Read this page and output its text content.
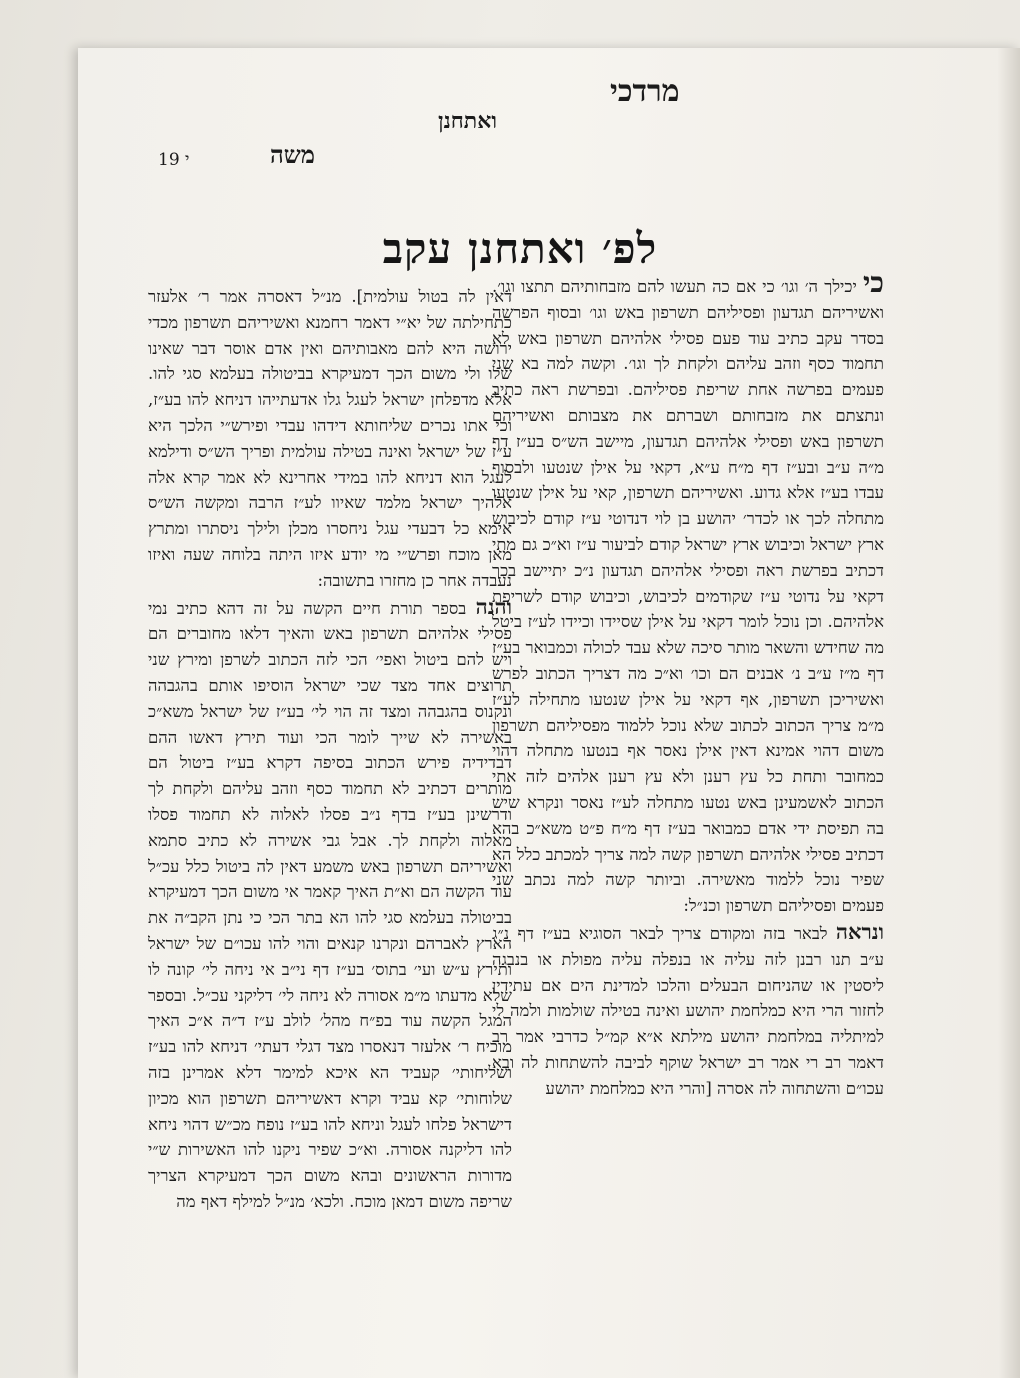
מרדכי
ואתחנן
משה
19 י
לפ׳ ואתחנן עקב
כי יכילך ה׳ וגו׳ כי אם כה תעשו להם מזבחותיהם תתצו וגו׳. ואשיריהם תגדעון ופסיליהם תשרפון באש וגו׳ ובסוף הפרשה בסדר עקב כתיב עוד פעם פסילי אלהיהם תשרפון באש לא תחמוד כסף וזהב עליהם ולקחת לך וגו׳. וקשה למה בא שני פעמים בפרשה אחת שריפת פסיליהם. ובפרשת ראה כתיב ונתצתם את מזבחותם ושברתם את מצבותם ואשיריהם תשרפון באש ופסילי אלהיהם תגדעון, מיישב הש״ס בע״ז דף מ״ה ע״ב ובע״ז דף מ״ח ע״א, דקאי על אילן שנטעו ולבסוף עבדו בע״ז אלא גדוע. ואשיריהם תשרפון, קאי על אילן שנטעו מתחלה לכך או לכדר׳ יהושע בן לוי דנדוטי ע״ז קודם לכיבוש ארץ ישראל וכיבוש ארץ ישראל קודם לביעור ע״ז וא״כ גם מתי דכתיב בפרשת ראה ופסילי אלהיהם תגדעון נ״כ יתיישב בכך דקאי על נדוטי ע״ז שקודמים לכיבוש, וכיבוש קודם לשריפת אלהיהם. וכן נוכל לומר דקאי על אילן שסיידו וכיידו לע״ז ביטל מה שחידש והשאר מותר סיכה שלא עבד לכולה וכמבואר בע״ז דף מ״ז ע״ב נ׳ אבנים הם וכו׳ וא״כ מה דצריך הכתוב לפרש ואשיריכן תשרפון, אף דקאי על אילן שנטעו מתחילה לע״ז מ״מ צריך הכתוב לכתוב שלא נוכל ללמוד מפסיליהם תשרפון משום דהוי אמינא דאין אילן נאסר אף בנטעו מתחלה דהוי כמחובר ותחת כל עץ רענן ולא עץ רענן אלהים לזה אתי הכתוב לאשמעינן באש נטעו מתחלה לע״ז נאסר ונקרא שיש בה תפיסת ידי אדם כמבואר בע״ז דף מ״ח פ״ט משא״כ בהא דכתיב פסילי אלהיהם תשרפון קשה למה צריך למכתב כלל הא שפיר נוכל ללמוד מאשירה. וביותר קשה למה נכתב שני פעמים ופסיליהם תשרפון וכנ״ל:
ונראה לבאר בזה ומקודם צריך לבאר הסוגיא בע״ז דף נ״ג ע״ב תנו רבנן לזה עליה או בנפלה עליה מפולת או בנבגה ליסטין או שהניחום הבעלים והלכו למדינת הים אם עתידין לחזור הרי היא כמלחמת יהושע ואינה בטילה שולמות ולמה לי למיתליה במלחמת יהושע מילתא א״א קמ״ל כדרבי אמר רב דאמר רב רי אמר רב ישראל שוקף לביבה להשתחות לה ובא עכו״ם והשתחוה לה אסרה [והרי היא כמלחמת יהושע
דאין לה בטול עולמית]. מנ״ל דאסרה אמר ר׳ אלעזר כתחילתה של יא״י דאמר רחמנא ואשיריהם תשרפון מכדי ירושה היא להם מאבותיהם ואין אדם אוסר דבר שאינו שלו ולי משום הכך דמעיקרא בביטולה בעלמא סגי להו. אלא מדפלחן ישראל לעגל גלו אדעתייהו דניחא להו בע״ז, וכי אתו נכרים שליחותא דידהו עבדי ופירש״י הלכך היא ע״ז של ישראל ואינה בטילה עולמית ופריך הש״ס ודילמא לעגל הוא דניחא להו במידי אחרינא לא אמר קרא אלה אלהיך ישראל מלמד שאיוו לע״ז הרבה ומקשה הש״ס אימא כל דבעדי עגל ניחסרו מכלן ולילך ניסתרו ומתרץ מאן מוכח ופרש״י מי יודע איזו היתה בלוחה שעה ואיזו נעבדה אחר כן מחזרו בתשובה:
והנה בספר תורת חיים הקשה על זה דהא כתיב נמי פסילי אלהיהם תשרפון באש והאיך דלאו מחוברים הם ויש להם ביטול ואפי׳ הכי לזה הכתוב לשרפן ומירץ שני תרוצים אחד מצד שכי ישראל הוסיפו אותם בהגבהה ונקנוס בהגבהה ומצד זה הוי לי׳ בע״ז של ישראל משא״כ באשירה לא שייך לומר הכי ועוד תירץ דאשו ההם דבדידיה פירש הכתוב בסיפה דקרא בע״ז ביטול הם מותרים דכתיב לא תחמוד כסף וזהב עליהם ולקחת לך ודרשינן בע״ז בדף נ״ב פסלו לאלוה לא תחמוד פסלו מאלוה ולקחת לך. אבל גבי אשירה לא כתיב סתמא ואשיריהם תשרפון באש משמע דאין לה ביטול כלל עכ״ל עוד הקשה הם וא״ת האיך קאמר אי משום הכך דמעיקרא בביטולה בעלמא סגי להו הא בתר הכי כי נתן הקב״ה את הארץ לאברהם ונקרנו קנאים והוי להו עכו״ם של ישראל ותירץ ע״ש ועי׳ בתוס׳ בע״ז דף ני״ב אי ניחה לי׳ קונה לו שלא מדעתו מ״מ אסורה לא ניחה לי׳ דליקני עכ״ל. ובספר המגל הקשה עוד בפ״ח מהל׳ לולב ע״ז ד״ה א״כ האיך מוכיח ר׳ אלעזר דנאסרו מצד דגלי דעתי׳ דניחא להו בע״ז ושליחותי׳ קעביד הא איכא למימר דלא אמרינן בזה שלוחותי׳ קא עביד וקרא דאשיריהם תשרפון הוא מכיון דישראל פלחו לעגל וניחא להו בע״ז נופח מכ״ש דהוי ניחא להו דליקנה אסורה. וא״כ שפיר ניקנו להו האשירות ש״י מדורות הראשונים ובהא משום הכך דמעיקרא הצריך שריפה משום דמאן מוכח. ולכא׳ מנ״ל למילף דאף מה
